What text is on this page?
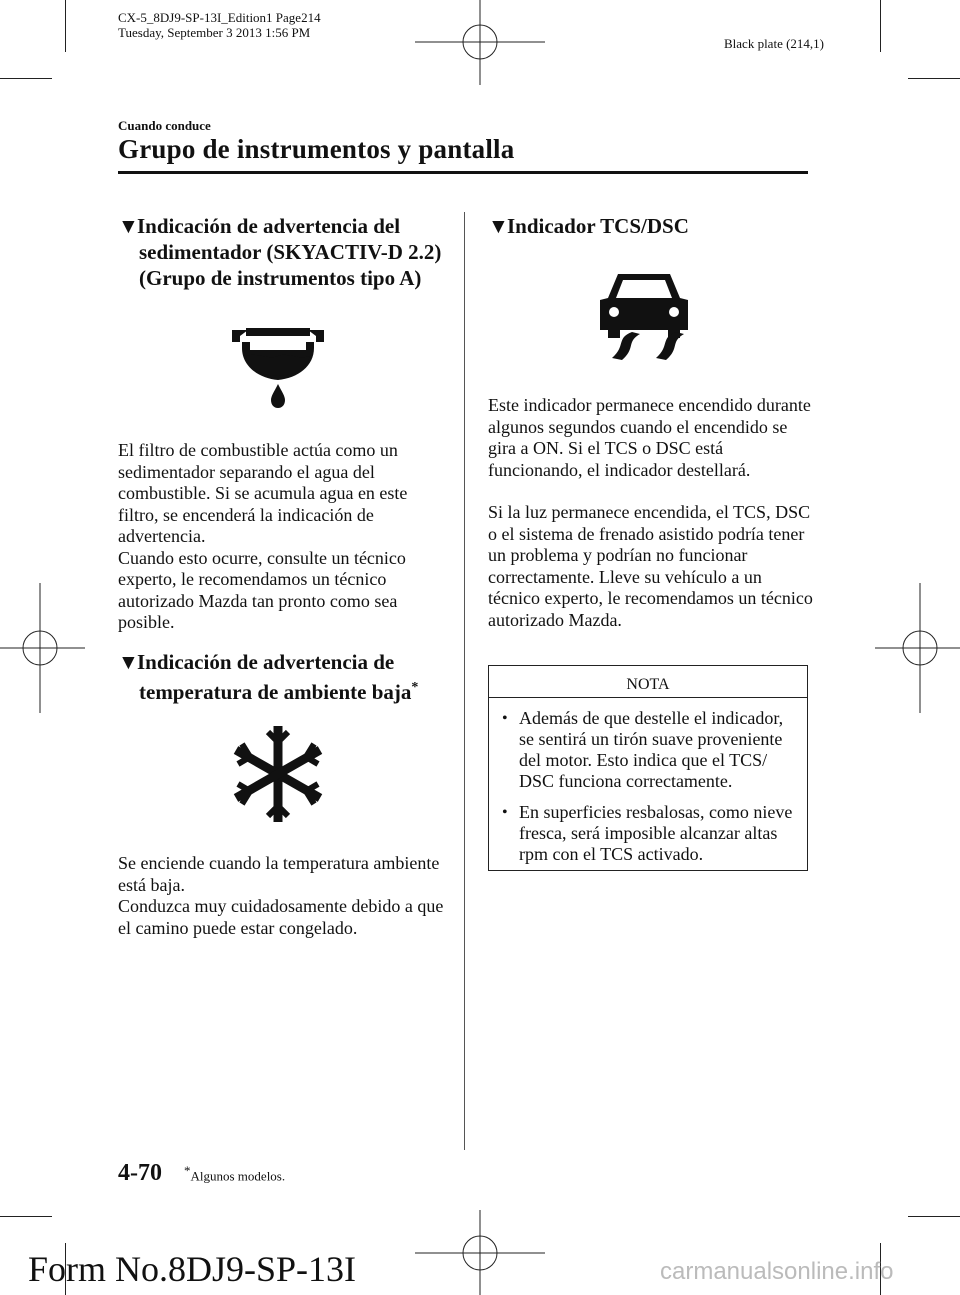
CX-5_8DJ9-SP-13I_Edition1 Page214
Tuesday, September 3 2013 1:56 PM
Black plate (214,1)
Cuando conduce
Grupo de instrumentos y pantalla
▼Indicación de advertencia del
sedimentador (SKYACTIV-D 2.2)
(Grupo de instrumentos tipo A)

El filtro de combustible actúa como un sedimentador separando el agua del combustible. Si se acumula agua en este filtro, se encenderá la indicación de advertencia.

Cuando esto ocurre, consulte un técnico experto, le recomendamos un técnico autorizado Mazda tan pronto como sea posible.

▼Indicación de advertencia de
temperatura de ambiente baja*

Se enciende cuando la temperatura ambiente está baja.

Conduzca muy cuidadosamente debido a que el camino puede estar congelado.

▼Indicador TCS/DSC

Este indicador permanece encendido durante algunos segundos cuando el encendido se gira a ON. Si el TCS o DSC está funcionando, el indicador destellará.

Si la luz permanece encendida, el TCS, DSC o el sistema de frenado asistido podría tener un problema y podrían no funcionar correctamente. Lleve su vehículo a un técnico experto, le recomendamos un técnico autorizado Mazda.

NOTA
• Además de que destelle el indicador, se sentirá un tirón suave proveniente del motor. Esto indica que el TCS/ DSC funciona correctamente.
• En superficies resbalosas, como nieve fresca, será imposible alcanzar altas rpm con el TCS activado.
4-70 *Algunos modelos.
Form No.8DJ9-SP-13I	carmanualsonline.info
